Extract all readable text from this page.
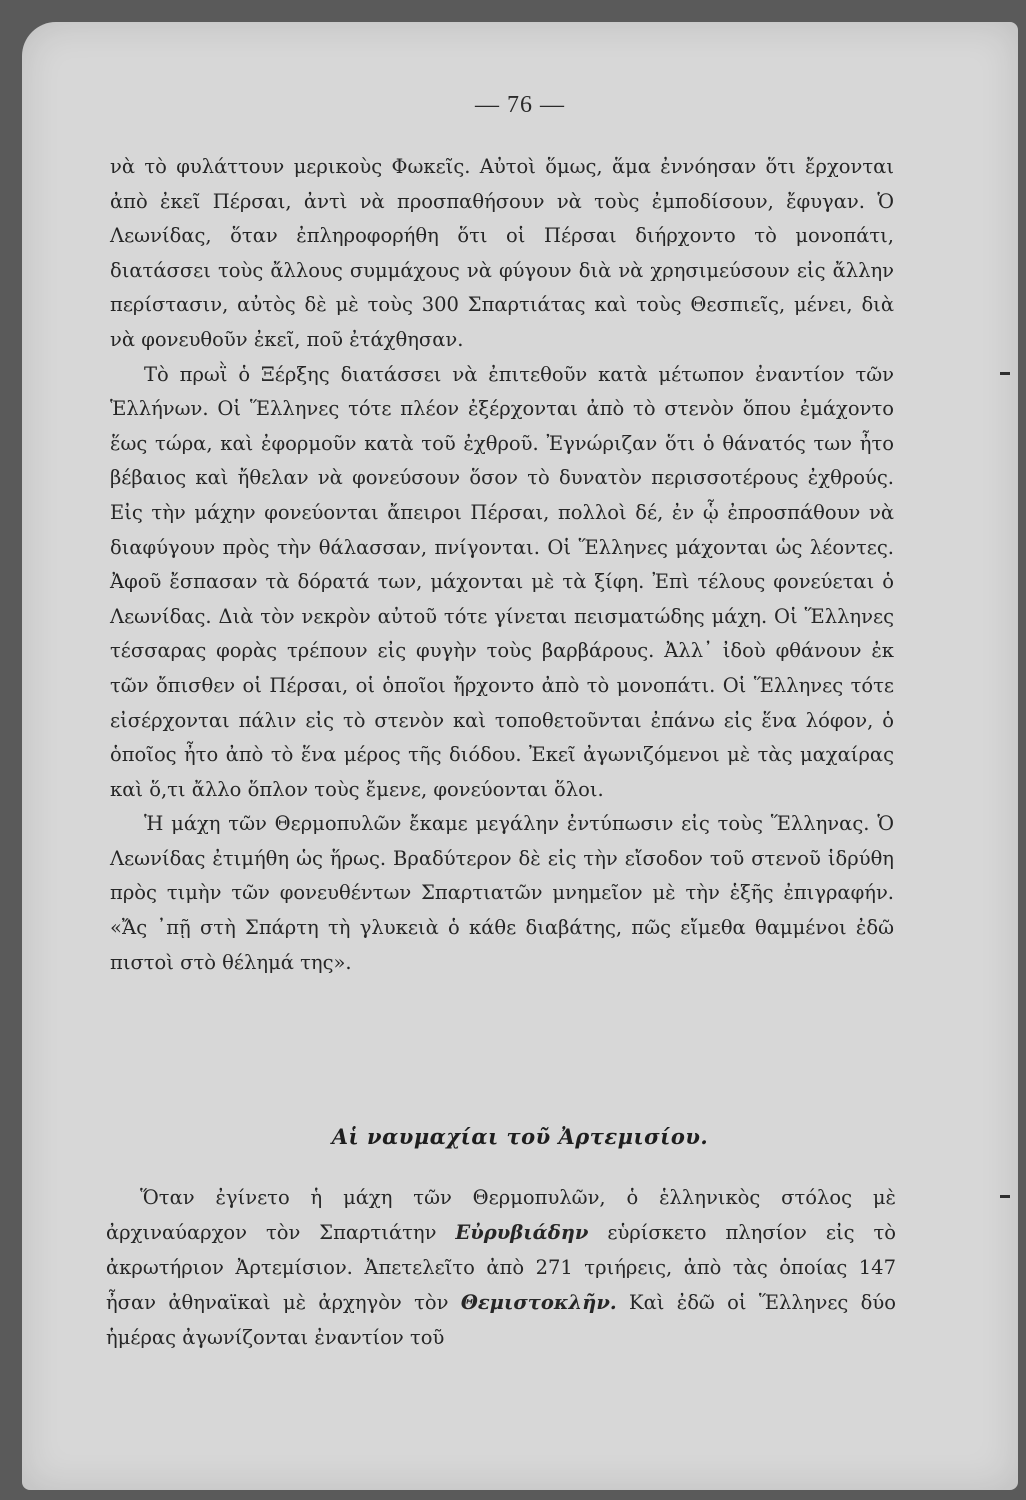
— 76 —

νὰ τὸ φυλάττουν μερικοὺς Φωκεῖς. Αὐτοὶ ὅμως, ἅμα ἐννόησαν ὅτι ἔρχονται ἀπὸ ἐκεῖ Πέρσαι, ἀντὶ νὰ προσπαθήσουν νὰ τοὺς ἐμποδίσουν, ἔφυγαν. Ὁ Λεωνίδας, ὅταν ἐπληροφορήθη ὅτι οἱ Πέρσαι διήρχοντο τὸ μονοπάτι, διατάσσει τοὺς ἄλλους συμμάχους νὰ φύγουν διὰ νὰ χρησιμεύσουν εἰς ἄλλην περίστασιν, αὐτὸς δὲ μὲ τοὺς 300 Σπαρτιάτας καὶ τοὺς Θεσπιεῖς, μένει, διὰ νὰ φονευθοῦν ἐκεῖ, ποῦ ἐτάχθησαν.

Τὸ πρωῒ ὁ Ξέρξης διατάσσει νὰ ἐπιτεθοῦν κατὰ μέτωπον ἐναντίον τῶν Ἑλλήνων. Οἱ Ἕλληνες τότε πλέον ἐξέρχονται ἀπὸ τὸ στενὸν ὅπου ἐμάχοντο ἕως τώρα, καὶ ἐφορμοῦν κατὰ τοῦ ἐχθροῦ. Ἐγνώριζαν ὅτι ὁ θάνατός των ἦτο βέβαιος καὶ ἤθελαν νὰ φονεύσουν ὅσον τὸ δυνατὸν περισσοτέρους ἐχθρούς. Εἰς τὴν μάχην φονεύονται ἄπειροι Πέρσαι, πολλοὶ δέ, ἐν ᾧ ἐπροσπάθουν νὰ διαφύγουν πρὸς τὴν θάλασσαν, πνίγονται. Οἱ Ἕλληνες μάχονται ὡς λέοντες. Ἀφοῦ ἔσπασαν τὰ δόρατά των, μάχονται μὲ τὰ ξίφη. Ἐπὶ τέλους φονεύεται ὁ Λεωνίδας. Διὰ τὸν νεκρὸν αὐτοῦ τότε γίνεται πεισματώδης μάχη. Οἱ Ἕλληνες τέσσαρας φορὰς τρέπουν εἰς φυγὴν τοὺς βαρβάρους. Ἀλλ᾽ ἰδοὺ φθάνουν ἐκ τῶν ὄπισθεν οἱ Πέρσαι, οἱ ὁποῖοι ἤρχοντο ἀπὸ τὸ μονοπάτι. Οἱ Ἕλληνες τότε εἰσέρχονται πάλιν εἰς τὸ στενὸν καὶ τοποθετοῦνται ἐπάνω εἰς ἕνα λόφον, ὁ ὁποῖος ἦτο ἀπὸ τὸ ἕνα μέρος τῆς διόδου. Ἐκεῖ ἀγωνιζόμενοι μὲ τὰς μαχαίρας καὶ ὅ,τι ἄλλο ὅπλον τοὺς ἔμενε, φονεύονται ὅλοι.

Ἡ μάχη τῶν Θερμοπυλῶν ἔκαμε μεγάλην ἐντύπωσιν εἰς τοὺς Ἕλληνας. Ὁ Λεωνίδας ἐτιμήθη ὡς ἥρως. Βραδύτερον δὲ εἰς τὴν εἴσοδον τοῦ στενοῦ ἱδρύθη πρὸς τιμὴν τῶν φονευθέντων Σπαρτιατῶν μνημεῖον μὲ τὴν ἑξῆς ἐπιγραφήν. «Ἄς ᾽πῇ στὴ Σπάρτη τὴ γλυκειὰ ὁ κάθε διαβάτης, πῶς εἴμεθα θαμμένοι ἐδῶ πιστοὶ στὸ θέλημά της».

Αἱ ναυμαχίαι τοῦ Ἀρτεμισίου.

Ὅταν ἐγίνετο ἡ μάχη τῶν Θερμοπυλῶν, ὁ ἑλληνικὸς στόλος μὲ ἀρχιναύαρχον τὸν Σπαρτιάτην Εὐρυβιάδην εὑρίσκετο πλησίον εἰς τὸ ἀκρωτήριον Ἀρτεμίσιον. Ἀπετελεῖτο ἀπὸ 271 τριήρεις, ἀπὸ τὰς ὁποίας 147 ἦσαν ἀθηναϊκαὶ μὲ ἀρχηγὸν τὸν Θεμιστοκλῆν. Καὶ ἐδῶ οἱ Ἕλληνες δύο ἡμέρας ἀγωνίζονται ἐναντίον τοῦ
